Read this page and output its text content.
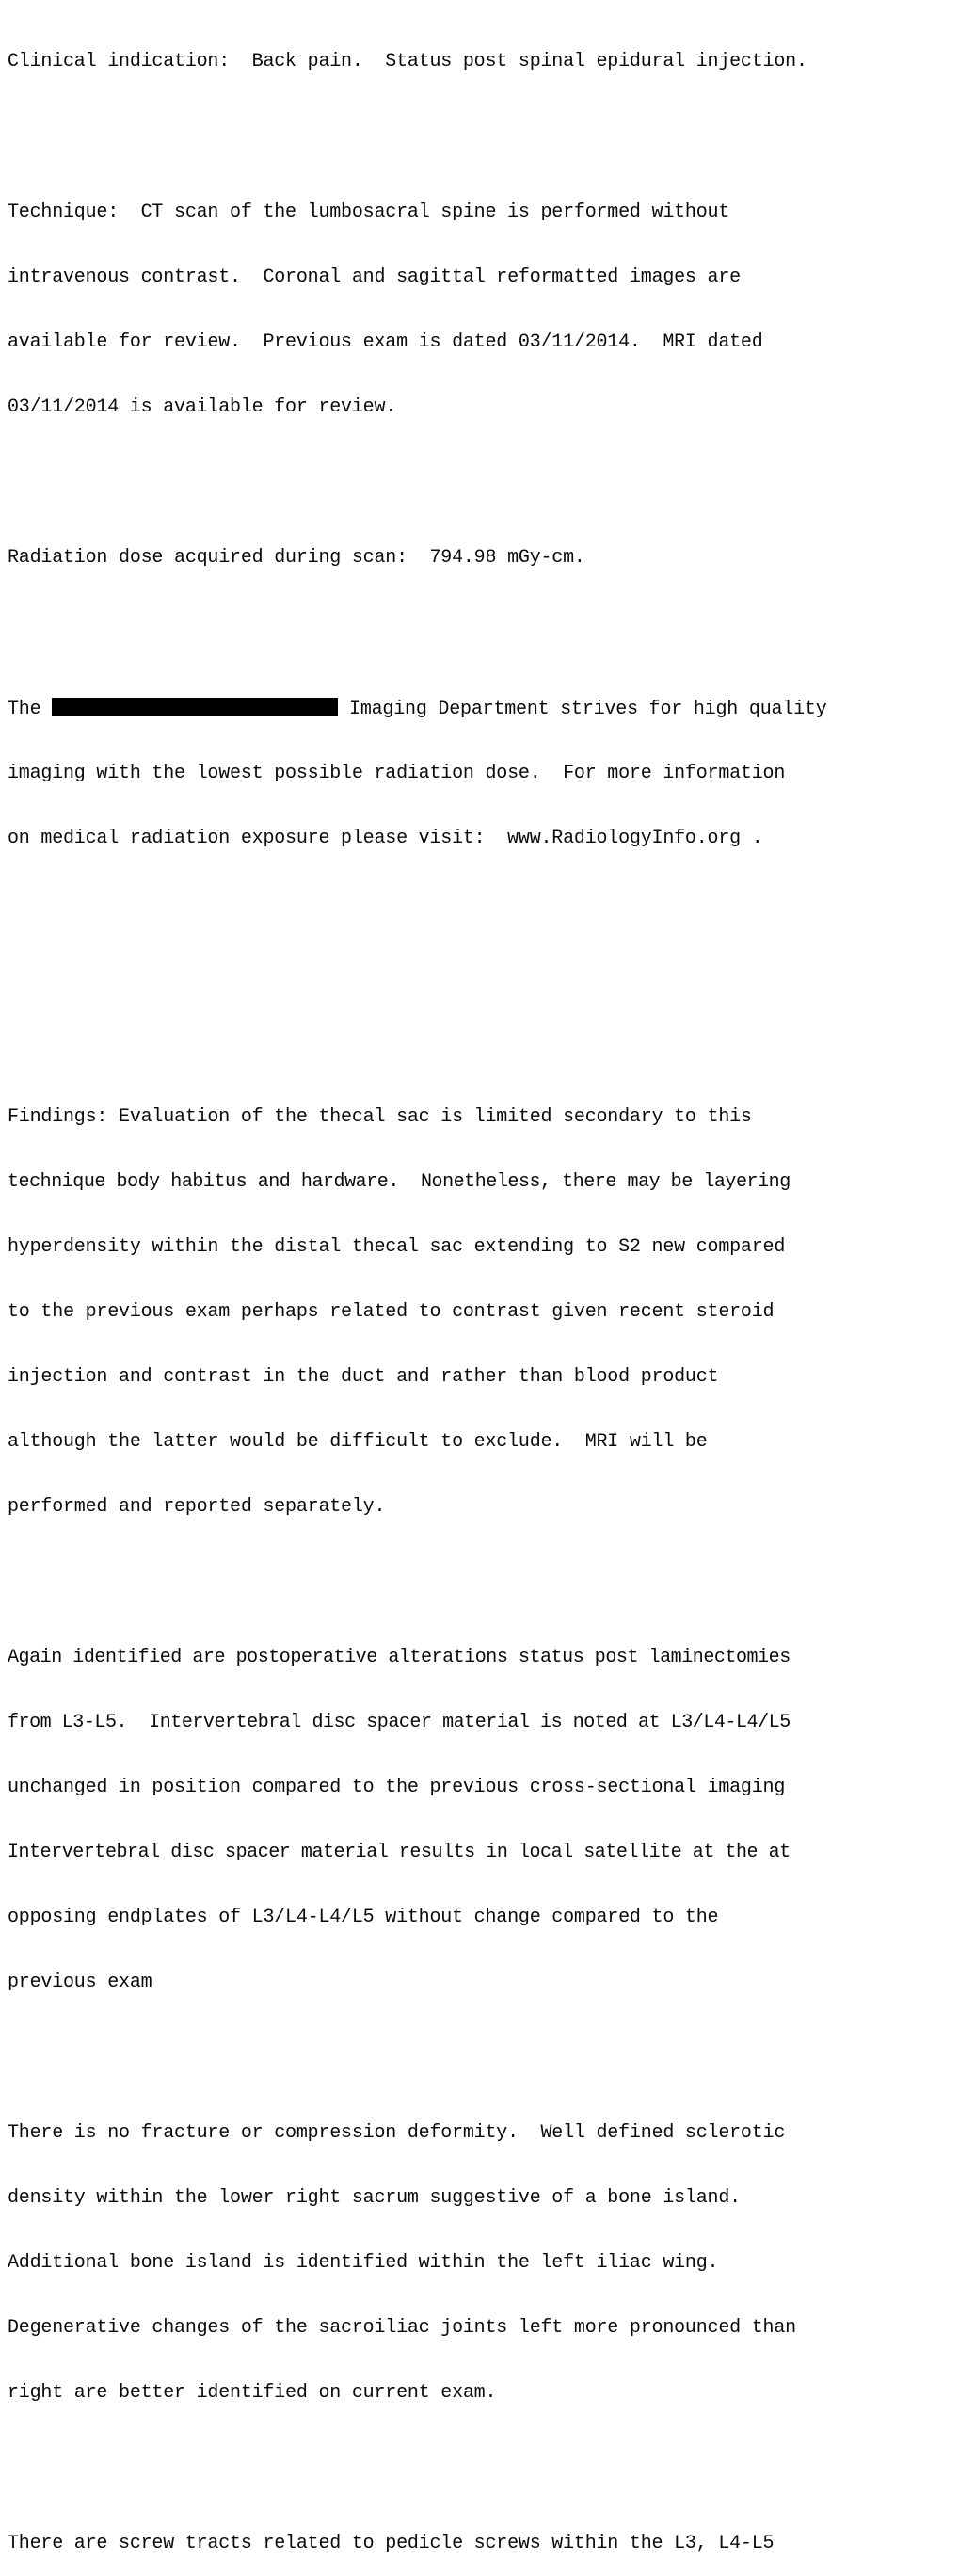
Clinical indication:  Back pain.  Status post spinal epidural injection.

Technique:  CT scan of the lumbosacral spine is performed without

intravenous contrast.  Coronal and sagittal reformatted images are

available for review.  Previous exam is dated 03/11/2014.  MRI dated

03/11/2014 is available for review.

Radiation dose acquired during scan:  794.98 mGy-cm.

The	Imaging Department strives for high quality

imaging with the lowest possible radiation dose.  For more information

on medical radiation exposure please visit:  www.RadiologyInfo.org .

Findings: Evaluation of the thecal sac is limited secondary to this

technique body habitus and hardware.  Nonetheless, there may be layering

hyperdensity within the distal thecal sac extending to S2 new compared

to the previous exam perhaps related to contrast given recent steroid

injection and contrast in the duct and rather than blood product

although the latter would be difficult to exclude.  MRI will be

performed and reported separately.

Again identified are postoperative alterations status post laminectomies

from L3-L5.  Intervertebral disc spacer material is noted at L3/L4-L4/L5

unchanged in position compared to the previous cross-sectional imaging

Intervertebral disc spacer material results in local satellite at the at

opposing endplates of L3/L4-L4/L5 without change compared to the

previous exam

There is no fracture or compression deformity.  Well defined sclerotic

density within the lower right sacrum suggestive of a bone island.

Additional bone island is identified within the left iliac wing.

Degenerative changes of the sacroiliac joints left more pronounced than

right are better identified on current exam.

There are screw tracts related to pedicle screws within the L3, L4-L5
